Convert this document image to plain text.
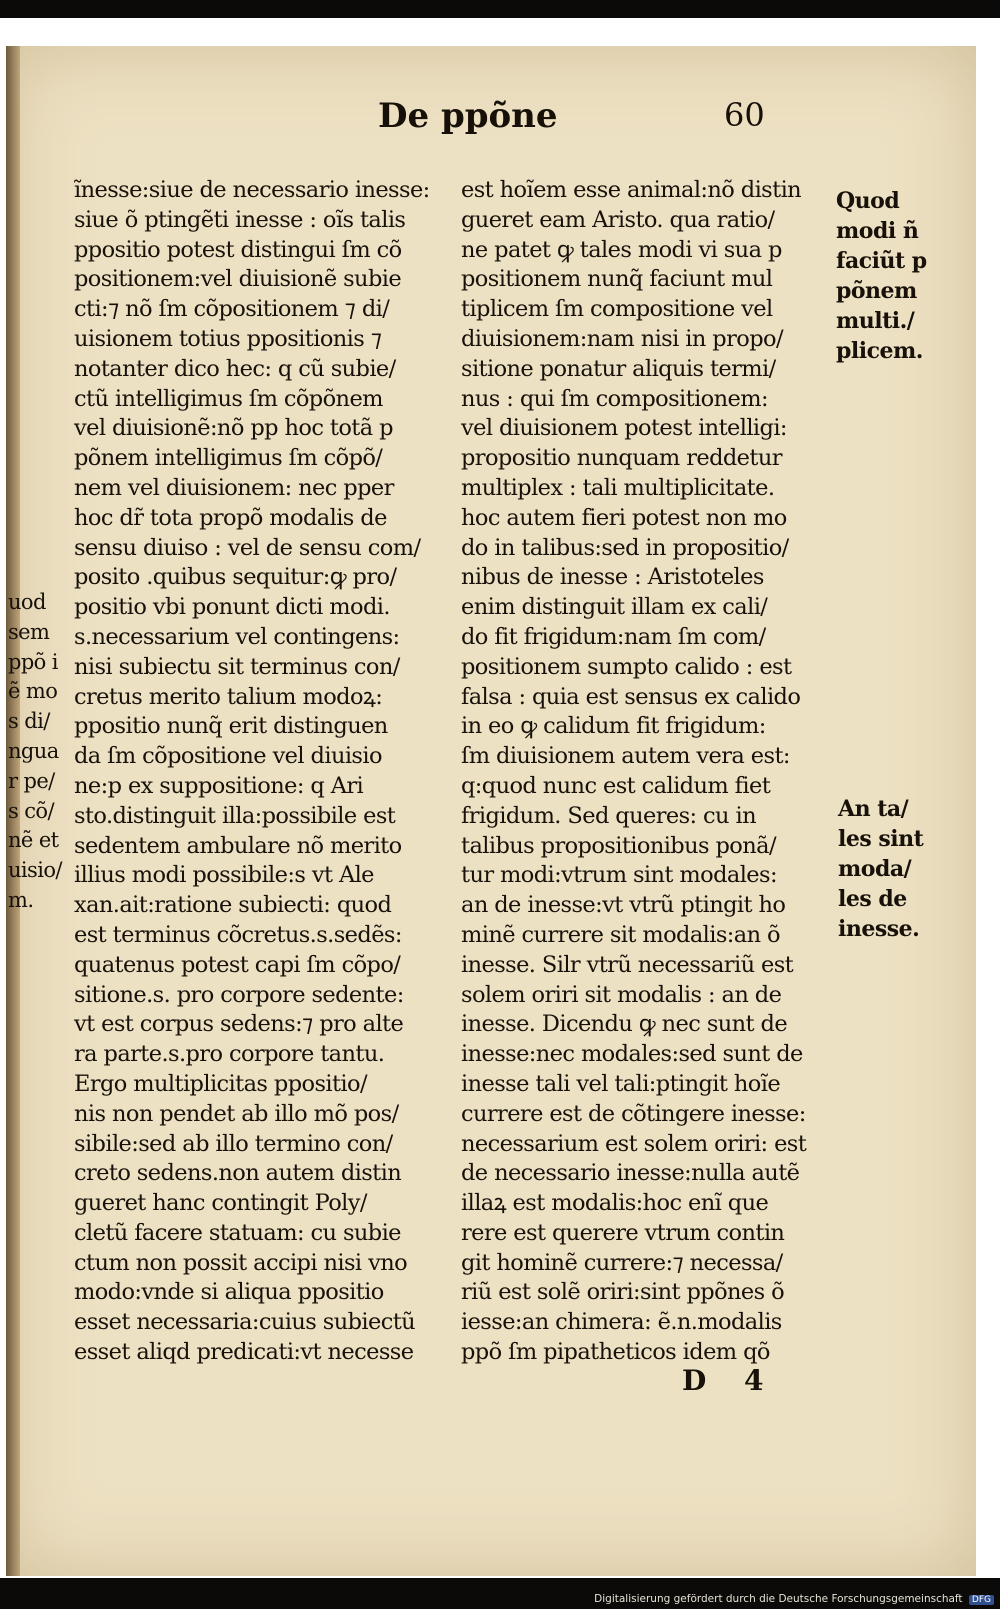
De ppõne	60
uod
sem
ppõ i
ẽ mo
s di/
ngua
r pe/
s cõ/
nẽ et
uisio/
m.
ĩnesse:siue de necessario inesse:
siue õ ptingẽti inesse : oĩs talis
ppositio potest distingui ſm cõ
positionem:vel diuisionẽ subie
cti:⁊ nõ ſm cõpositionem ⁊ di/
uisionem totius ppositionis ⁊
notanter dico hec: q cũ subie/
ctũ intelligimus ſm cõpõnem
vel diuisionẽ:nõ pp hoc totã p
põnem intelligimus ſm cõpõ/
nem vel diuisionem: nec pper
hoc dr̃ tota propõ modalis de
sensu diuiso : vel de sensu com/
posito .quibus sequitur:ꝙ pro/
positio vbi ponunt dicti modi.
s.necessarium vel contingens:
nisi subiectu sit terminus con/
cretus merito talium modoꝝ:
ppositio nunq̃ erit distinguen
da ſm cõpositione vel diuisio
ne:p ex suppositione: q Ari
sto.distinguit illa:possibile est
sedentem ambulare nõ merito
illius modi possibile:s vt Ale
xan.ait:ratione subiecti: quod
est terminus cõcretus.s.sedẽs:
quatenus potest capi ſm cõpo/
sitione.s. pro corpore sedente:
vt est corpus sedens:⁊ pro alte
ra parte.s.pro corpore tantu.
Ergo multiplicitas ppositio/
nis non pendet ab illo mõ pos/
sibile:sed ab illo termino con/
creto sedens.non autem distin
gueret hanc contingit Poly/
cletũ facere statuam: cu subie
ctum non possit accipi nisi vno
modo:vnde si aliqua ppositio
esset necessaria:cuius subiectũ
esset aliqd predicati:vt necesse
est hoĩem esse animal:nõ distin
gueret eam Aristo. qua ratio/
ne patet ꝙ tales modi vi sua p
positionem nunq̃ faciunt mul
tiplicem ſm compositione vel
diuisionem:nam nisi in propo/
sitione ponatur aliquis termi/
nus : qui ſm compositionem:
vel diuisionem potest intelligi:
propositio nunquam reddetur
multiplex : tali multiplicitate.
hoc autem fieri potest non mo
do in talibus:sed in propositio/
nibus de inesse : Aristoteles
enim distinguit illam ex cali/
do fit frigidum:nam ſm com/
positionem sumpto calido : est
falsa : quia est sensus ex calido
in eo ꝙ calidum fit frigidum:
ſm diuisionem autem vera est:
q:quod nunc est calidum fiet
frigidum. Sed queres: cu in
talibus propositionibus ponã/
tur modi:vtrum sint modales:
an de inesse:vt vtrũ ptingit ho
minẽ currere sit modalis:an õ
inesse. Silr vtrũ necessariũ est
solem oriri sit modalis : an de
inesse. Dicendu ꝙ nec sunt de
inesse:nec modales:sed sunt de
inesse tali vel tali:ptingit hoĩe
currere est de cõtingere inesse:
necessarium est solem oriri: est
de necessario inesse:nulla autẽ
illaꝝ est modalis:hoc enĩ que
rere est querere vtrum contin
git hominẽ currere:⁊ necessa/
riũ est solẽ oriri:sint ppõnes õ
iesse:an chimera: ẽ.n.modalis
ppõ ſm pipatheticos idem qõ
Quod
modi ñ
faciũt p
põnem
multi./
plicem.
An ta/
les sint
moda/
les de
inesse.
D 4
Digitalisierung gefördert durch die Deutsche Forschungsgemeinschaft DFG
